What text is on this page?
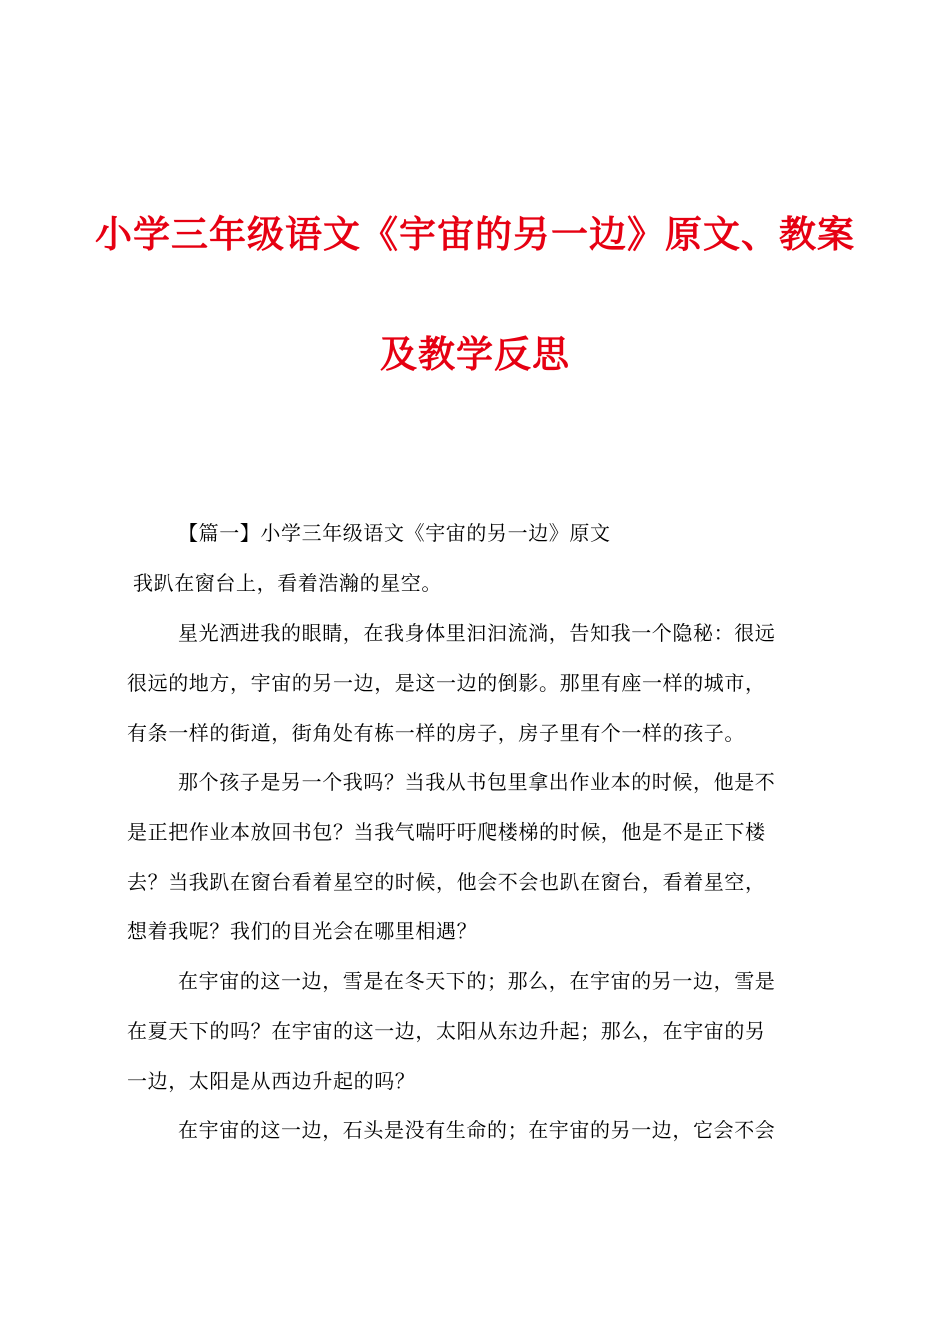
小学三年级语文《宇宙的另一边》原文、教案
及教学反思
【篇一】小学三年级语文《宇宙的另一边》原文
我趴在窗台上，看着浩瀚的星空。
星光洒进我的眼睛，在我身体里汩汩流淌，告知我一个隐秘：很远
很远的地方，宇宙的另一边，是这一边的倒影。那里有座一样的城市，
有条一样的街道，街角处有栋一样的房子，房子里有个一样的孩子。
那个孩子是另一个我吗？当我从书包里拿出作业本的时候，他是不
是正把作业本放回书包？当我气喘吁吁爬楼梯的时候，他是不是正下楼
去？当我趴在窗台看着星空的时候，他会不会也趴在窗台，看着星空，
想着我呢？我们的目光会在哪里相遇？
在宇宙的这一边，雪是在冬天下的；那么，在宇宙的另一边，雪是
在夏天下的吗？在宇宙的这一边，太阳从东边升起；那么，在宇宙的另
一边，太阳是从西边升起的吗？
在宇宙的这一边，石头是没有生命的；在宇宙的另一边，它会不会
